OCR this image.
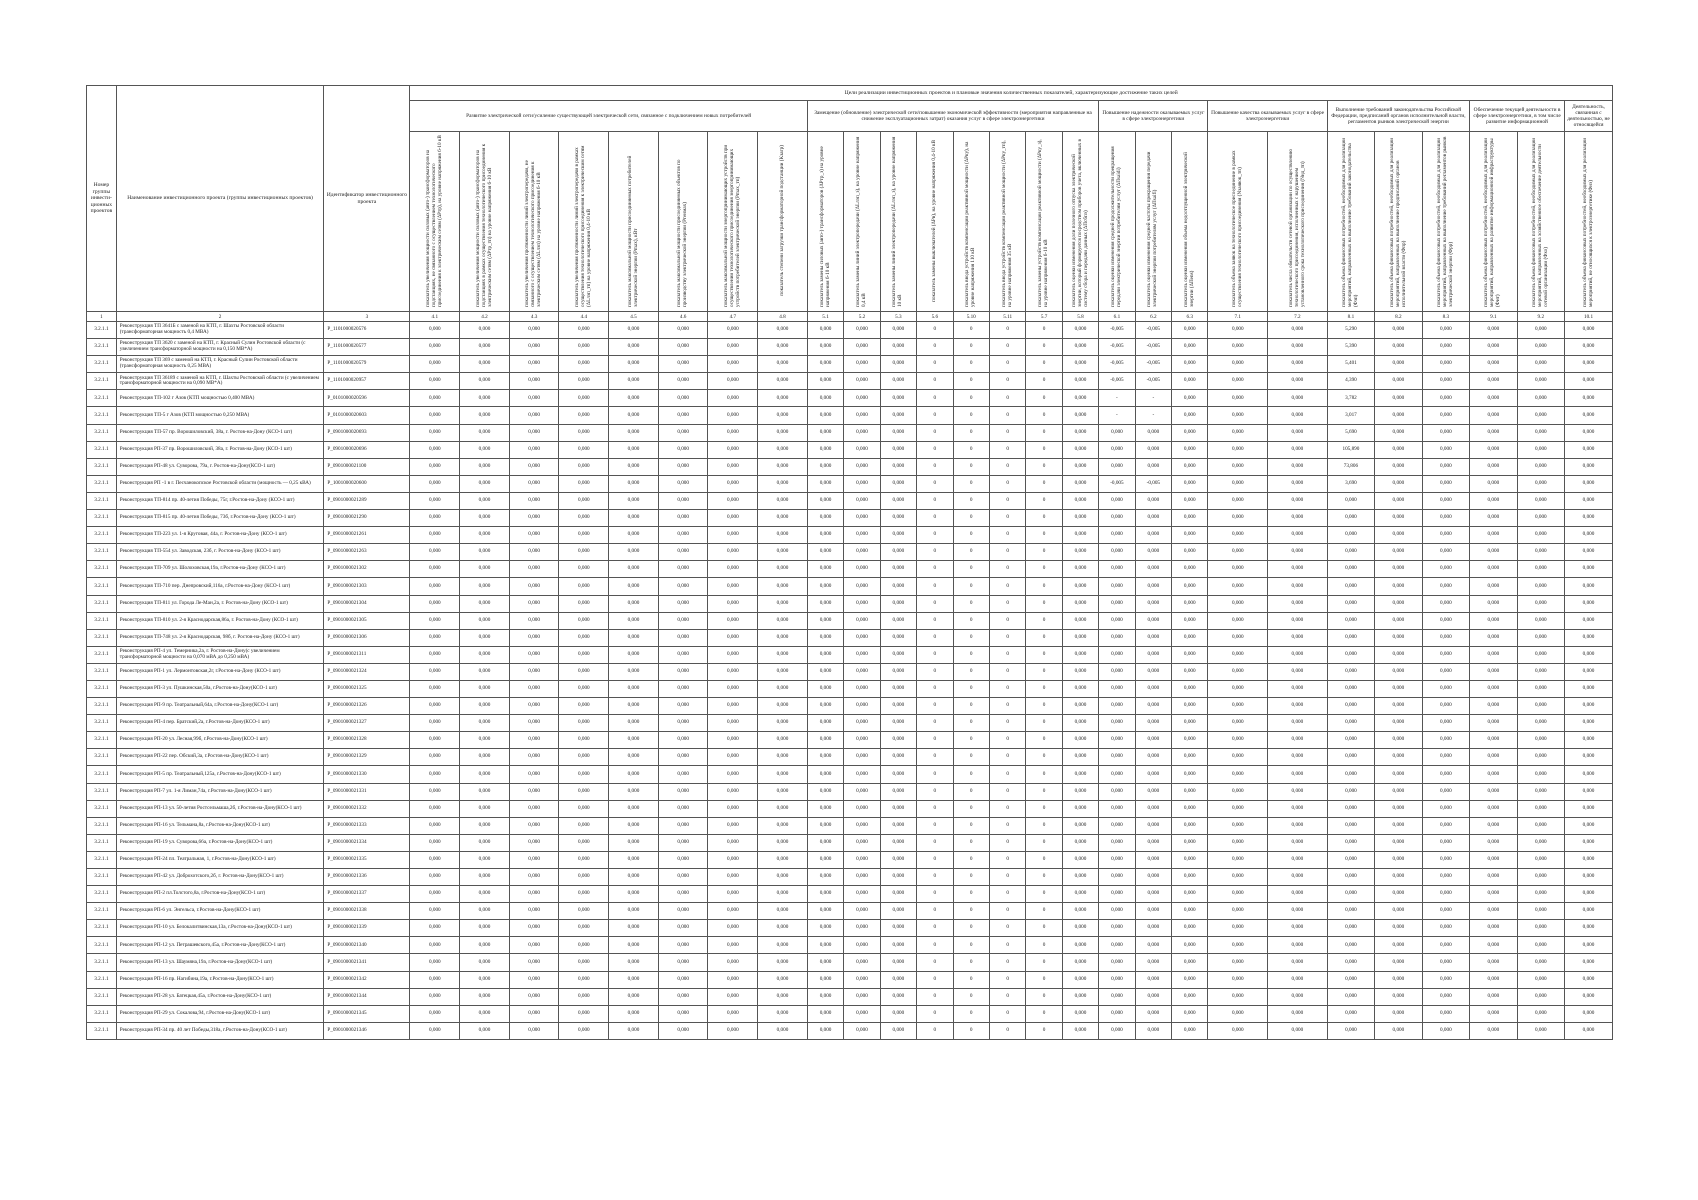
Номер группы инвести-ционных проектов	Наименование инвестиционного проекта (группы инвестиционных проектов)	Идентификатор инвестиционного проекта	Цели реализации инвестиционных проектов и плановые значения количественных показателей, характеризующие достижение таких целей																										
			Развитие электрической сети/усиление существующей электрической сети, связанное с подключением новых потребителей								Замещение (обновление) электрической сети/повышение экономической эффективности (мероприятия направленные на снижение эксплуатационных затрат) оказания услуг в сфере электроэнергетики								Повышение надежности оказываемых услуг в сфере электроэнергетики			Повышение качества оказываемых услуг в сфере электроэнергетики		Выполнение требований законодательства Российской Федерации, предписаний органов исполнительной власти, регламентов рынков электрической энергии			Обеспечение текущей деятельности в сфере электроэнергетики, в том числе развитие информационной		Деятельность, связанная с деятельностью, не относящейся
			показатель увеличения мощности силовых (авто-) трансформаторов на подстанциях, не связанного с осуществлением технологического присоединения к электрическим сетям (ΔPтр), на уровне напряжения 6-10 кВ	показатель увеличения мощности силовых (авто-) трансформаторов на подстанциях в рамках осуществления технологического присоединения к электрическим сетям (ΔPтр_тп) на уровне напряжения 6-10 кВ	показатель увеличения протяженности линий электропередачи, не связанного с осуществлением технологического присоединения к электрическим сетям (ΔLлэп) на уровне напряжения 6-10 кВ	показатель увеличения протяженности линий электропередачи в рамках осуществления технологического присоединения к электрическим сетям (ΔLлэп_тп) на уровне напряжения 0,4-10 кВ	показатель максимальной мощности присоединяемых потребителей электрической энергии (Pmax), кВт	показатель максимальной мощности присоединяемых объектов по производству электрической энергии (Pгенмах)	показатель максимальной мощности энергопринимающих устройств при осуществлении технологического присоединения энергопринимающих устройств потребителей электрической энергии (Pmax_тп)	показатель степени загрузки трансформаторной подстанции (Kзагр)	показатель замены силовых (авто-) трансформаторов (ΔPтр_з) на уровне напряжения 6-10 кВ	показатель замены линий электропередачи (ΔLлэп_з), на уровне напряжения 0,4 кВ	показатель замены линий электропередачи (ΔLлэп_з), на уровне напряжения 10 кВ	показатель замены выключателей (ΔPв), на уровне напряжения 0,4-10 кВ	показатель ввода устройств компенсации реактивной мощности (ΔPку), на уровне напряжения 110 кВ	показатель ввода устройств компенсации реактивной мощности (ΔPку_тп), на уровне напряжения 35 кВ	показатель замены устройств компенсации реактивной мощности (ΔPку_з), на уровне напряжения 6-10 кВ	показатель оценки изменения доли полезного отпуска электрической энергии, который формируется посредством приборов учета, включенных в систему сбора и передачи данных (ΔПсбпэ)	показатель оценки изменения средней продолжительности прекращения передачи электрической энергии потребителям услуг (ΔПsaidi)	показатель оценки изменения средней частоты прекращения передачи электрической энергии потребителям услуг (ΔПsaifi)	показатель оценки изменения объема недоотпущенной электрической энергии (ΔПens)	показатель объема заявок на технологическое присоединение в рамках осуществления технологического присоединения (Nзаявок_тп)	показатель числа обязательств сетевой организации по осуществлению технологического присоединения, исполненных с нарушением установленного срока технологического присоединения (Nнд_тп)	показатель объема финансовых потребностей, необходимых для реализации мероприятий, направленных на выполнение требований законодательства (Фзп)	показатель объема финансовых потребностей, необходимых для реализации мероприятий, направленных на выполнение предписаний органов исполнительной власти (Фпр)	показатель объема финансовых потребностей, необходимых для реализации мероприятий, направленных на выполнение требований регламентов рынков электрической энергии (Фрр)	показатель объема финансовых потребностей, необходимых для реализации мероприятий, направленных на развитие информационной инфраструктуры (Фит)	показатель объема финансовых потребностей, необходимых для реализации мероприятий, направленных на хозяйственное обеспечение деятельности сетевой организации (Фхо)	показатель объема финансовых потребностей, необходимых для реализации мероприятий, не относящихся к электроэнергетике (Фнэ)
1	2	3	4.1	4.2	4.3	4.4	4.5	4.6	4.7	4.8	5.1	5.2	5.3	5.6	5.10	5.11	5.7	5.8	6.1	6.2	6.3	7.1	7.2	8.1	8.2	8.3	9.1	9.2	10.1
3.2.1.1	Реконструкция ТП 3641Б с заменой на КТП, г. Шахты Ростовской области (трансформаторная мощность 0,4 МВА)	P_1101000020576	0,000	0,000	0,000	0,000	0,000	0,000	0,000	0,000	0,000	0,000	0,000	0	0	0	0	0,000	-0,005	-0,005	0,000	0,000	0,000	5,290	0,000	0,000	0,000	0,000	0,000
3.2.1.1	Реконструкция ТП 3620 с заменой на КТП, г. Красный Сулин Ростовской области (с увеличением трансформаторной мощности на 0,150 МВ*А)	P_1101000020577	0,000	0,000	0,000	0,000	0,000	0,000	0,000	0,000	0,000	0,000	0,000	0	0	0	0	0,000	-0,005	-0,005	0,000	0,000	0,000	5,390	0,000	0,000	0,000	0,000	0,000
3.2.1.1	Реконструкция ТП 369 с заменой на КТП, г. Красный Сулин Ростовской области (трансформаторная мощность 0,25 МВА)	P_1101000020579	0,000	0,000	0,000	0,000	0,000	0,000	0,000	0,000	0,000	0,000	0,000	0	0	0	0	0,000	-0,005	-0,005	0,000	0,000	0,000	5,401	0,000	0,000	0,000	0,000	0,000
3.2.1.1	Реконструкция ТП 36189 с заменой на КТП, г. Шахты Ростовской области (с увеличением трансформаторной мощности на 0,090 МВ*А)	P_1101000020957	0,000	0,000	0,000	0,000	0,000	0,000	0,000	0,000	0,000	0,000	0,000	0	0	0	0	0,000	-0,005	-0,005	0,000	0,000	0,000	4,390	0,000	0,000	0,000	0,000	0,000
3.2.1.1	Реконструкция ТП-102 г Азов (КТП мощностью 0,400 МВА)	P_0101000020596	0,000	0,000	0,000	0,000	0,000	0,000	0,000	0,000	0,000	0,000	0,000	0	0	0	0	0,000	-	-	0,000	0,000	0,000	3,782	0,000	0,000	0,000	0,000	0,000
3.2.1.1	Реконструкция ТП-5 г Азов (КТП мощностью 0,250 МВА)	P_0101000020603	0,000	0,000	0,000	0,000	0,000	0,000	0,000	0,000	0,000	0,000	0,000	0	0	0	0	0,000	-	-	0,000	0,000	0,000	3,017	0,000	0,000	0,000	0,000	0,000
3.2.1.1	Реконструкция ТП-57 пр. Ворошиловский, 38а, г. Ростов-на-Дону (КСО-1 шт)	P_0901000020693	0,000	0,000	0,000	0,000	0,000	0,000	0,000	0,000	0,000	0,000	0,000	0	0	0	0	0,000	0,000	0,000	0,000	0,000	0,000	5,690	0,000	0,000	0,000	0,000	0,000
3.2.1.1	Реконструкция РП-37 пр. Ворошиловский, 38а, г. Ростов-на-Дону (КСО-1 шт)	P_0901000020696	0,000	0,000	0,000	0,000	0,000	0,000	0,000	0,000	0,000	0,000	0,000	0	0	0	0	0,000	0,000	0,000	0,000	0,000	0,000	105,890	0,000	0,000	0,000	0,000	0,000
3.2.1.1	Реконструкция РП-48 ул. Суворова, 79а, г. Ростов-на-Дону(КСО-1 шт)	P_0901000021100	0,000	0,000	0,000	0,000	0,000	0,000	0,000	0,000	0,000	0,000	0,000	0	0	0	0	0,000	0,000	0,000	0,000	0,000	0,000	73,806	0,000	0,000	0,000	0,000	0,000
3.2.1.1	Реконструкция РП -1 в г. Песчанокопское Ростовской области (мощность — 0,25 кВА)	P_1001000020600	0,000	0,000	0,000	0,000	0,000	0,000	0,000	0,000	0,000	0,000	0,000	0	0	0	0	0,000	-0,005	-0,005	0,000	0,000	0,000	3,690	0,000	0,000	0,000	0,000	0,000
3.2.1.1	Реконструкция ТП-814 пр. 40-летия Победы, 75г, г.Ростов-на-Дону (КСО-1 шт)	P_0901000021289	0,000	0,000	0,000	0,000	0,000	0,000	0,000	0,000	0,000	0,000	0,000	0	0	0	0	0,000	0,000	0,000	0,000	0,000	0,000	0,000	0,000	0,000	0,000	0,000	0,000
3.2.1.1	Реконструкция ТП-815 пр. 40-летия Победы, 73б, г.Ростов-на-Дону (КСО-1 шт)	P_0901000021290	0,000	0,000	0,000	0,000	0,000	0,000	0,000	0,000	0,000	0,000	0,000	0	0	0	0	0,000	0,000	0,000	0,000	0,000	0,000	0,000	0,000	0,000	0,000	0,000	0,000
3.2.1.1	Реконструкция ТП-223 ул. 1-я Круговая, 44а, г. Ростов-на-Дону (КСО-1 шт)	P_0901000021261	0,000	0,000	0,000	0,000	0,000	0,000	0,000	0,000	0,000	0,000	0,000	0	0	0	0	0,000	0,000	0,000	0,000	0,000	0,000	0,000	0,000	0,000	0,000	0,000	0,000
3.2.1.1	Реконструкция ТП-554 ул. Заводская, 23б, г. Ростов-на-Дону (КСО-1 шт)	P_0901000021263	0,000	0,000	0,000	0,000	0,000	0,000	0,000	0,000	0,000	0,000	0,000	0	0	0	0	0,000	0,000	0,000	0,000	0,000	0,000	0,000	0,000	0,000	0,000	0,000	0,000
3.2.1.1	Реконструкция ТП-709 ул. Шолоховская,19а, г.Ростов-на-Дону (КСО-1 шт)	P_0901000021302	0,000	0,000	0,000	0,000	0,000	0,000	0,000	0,000	0,000	0,000	0,000	0	0	0	0	0,000	0,000	0,000	0,000	0,000	0,000	0,000	0,000	0,000	0,000	0,000	0,000
3.2.1.1	Реконструкция ТП-710 пер. Днепровский,116а, г.Ростов-на-Дону (КСО-1 шт)	P_0901000021303	0,000	0,000	0,000	0,000	0,000	0,000	0,000	0,000	0,000	0,000	0,000	0	0	0	0	0,000	0,000	0,000	0,000	0,000	0,000	0,000	0,000	0,000	0,000	0,000	0,000
3.2.1.1	Реконструкция ТП-811 ул. Города Ле-Ман,2а, г. Ростов-на-Дону (КСО-1 шт)	P_0901000021304	0,000	0,000	0,000	0,000	0,000	0,000	0,000	0,000	0,000	0,000	0,000	0	0	0	0	0,000	0,000	0,000	0,000	0,000	0,000	0,000	0,000	0,000	0,000	0,000	0,000
3.2.1.1	Реконструкция ТП-810 ул. 2-я Краснодарская,86а, г. Ростов-на-Дону (КСО-1 шт)	P_0901000021305	0,000	0,000	0,000	0,000	0,000	0,000	0,000	0,000	0,000	0,000	0,000	0	0	0	0	0,000	0,000	0,000	0,000	0,000	0,000	0,000	0,000	0,000	0,000	0,000	0,000
3.2.1.1	Реконструкция ТП-748 ул. 2-я Краснодарская, 98б, г. Ростов-на-Дону (КСО-1 шт)	P_0901000021306	0,000	0,000	0,000	0,000	0,000	0,000	0,000	0,000	0,000	0,000	0,000	0	0	0	0	0,000	0,000	0,000	0,000	0,000	0,000	0,000	0,000	0,000	0,000	0,000	0,000
3.2.1.1	Реконструкция РП-4 ул. Темерника,2а, г. Ростов-на-Дону(с увеличением трансформаторной мощности на 0,070 мВА до 0,250 мВА)	P_0901000021311	0,000	0,000	0,000	0,000	0,000	0,000	0,000	0,000	0,000	0,000	0,000	0	0	0	0	0,000	0,000	0,000	0,000	0,000	0,000	0,000	0,000	0,000	0,000	0,000	0,000
3.2.1.1	Реконструкция РП-1 ул. Лермонтовская,2г, г.Ростов-на-Дону (КСО-1 шт)	P_0901000021324	0,000	0,000	0,000	0,000	0,000	0,000	0,000	0,000	0,000	0,000	0,000	0	0	0	0	0,000	0,000	0,000	0,000	0,000	0,000	0,000	0,000	0,000	0,000	0,000	0,000
3.2.1.1	Реконструкция РП-3 ул. Пушкинская,50а, г.Ростов-на-Дону(КСО-1 шт)	P_0901000021325	0,000	0,000	0,000	0,000	0,000	0,000	0,000	0,000	0,000	0,000	0,000	0	0	0	0	0,000	0,000	0,000	0,000	0,000	0,000	0,000	0,000	0,000	0,000	0,000	0,000
3.2.1.1	Реконструкция РП-9 пр. Театральный,64а, г.Ростов-на-Дону(КСО-1 шт)	P_0901000021326	0,000	0,000	0,000	0,000	0,000	0,000	0,000	0,000	0,000	0,000	0,000	0	0	0	0	0,000	0,000	0,000	0,000	0,000	0,000	0,000	0,000	0,000	0,000	0,000	0,000
3.2.1.1	Реконструкция РП-4 пер. Братский,2а, г.Ростов-на-Дону(КСО-1 шт)	P_0901000021327	0,000	0,000	0,000	0,000	0,000	0,000	0,000	0,000	0,000	0,000	0,000	0	0	0	0	0,000	0,000	0,000	0,000	0,000	0,000	0,000	0,000	0,000	0,000	0,000	0,000
3.2.1.1	Реконструкция РП-20 ул. Лесная,99б, г.Ростов-на-Дону(КСО-1 шт)	P_0901000021328	0,000	0,000	0,000	0,000	0,000	0,000	0,000	0,000	0,000	0,000	0,000	0	0	0	0	0,000	0,000	0,000	0,000	0,000	0,000	0,000	0,000	0,000	0,000	0,000	0,000
3.2.1.1	Реконструкция РП-22 пер. Обский,3а, г.Ростов-на-Дону(КСО-1 шт)	P_0901000021329	0,000	0,000	0,000	0,000	0,000	0,000	0,000	0,000	0,000	0,000	0,000	0	0	0	0	0,000	0,000	0,000	0,000	0,000	0,000	0,000	0,000	0,000	0,000	0,000	0,000
3.2.1.1	Реконструкция РП-5 пр. Театральный,125а, г.Ростов-на-Дону(КСО-1 шт)	P_0901000021330	0,000	0,000	0,000	0,000	0,000	0,000	0,000	0,000	0,000	0,000	0,000	0	0	0	0	0,000	0,000	0,000	0,000	0,000	0,000	0,000	0,000	0,000	0,000	0,000	0,000
3.2.1.1	Реконструкция РП-7 ул. 1-я Лиман,74а, г.Ростов-на-Дону(КСО-1 шт)	P_0901000021331	0,000	0,000	0,000	0,000	0,000	0,000	0,000	0,000	0,000	0,000	0,000	0	0	0	0	0,000	0,000	0,000	0,000	0,000	0,000	0,000	0,000	0,000	0,000	0,000	0,000
3.2.1.1	Реконструкция РП-13 ул. 50-летия Ростсельмаша,2б, г.Ростов-на-Дону(КСО-1 шт)	P_0901000021332	0,000	0,000	0,000	0,000	0,000	0,000	0,000	0,000	0,000	0,000	0,000	0	0	0	0	0,000	0,000	0,000	0,000	0,000	0,000	0,000	0,000	0,000	0,000	0,000	0,000
3.2.1.1	Реконструкция РП-16 ул. Тельмана,8а, г.Ростов-на-Дону(КСО-1 шт)	P_0901000021333	0,000	0,000	0,000	0,000	0,000	0,000	0,000	0,000	0,000	0,000	0,000	0	0	0	0	0,000	0,000	0,000	0,000	0,000	0,000	0,000	0,000	0,000	0,000	0,000	0,000
3.2.1.1	Реконструкция РП-19 ул. Суворова,66а, г.Ростов-на-Дону(КСО-1 шт)	P_0901000021334	0,000	0,000	0,000	0,000	0,000	0,000	0,000	0,000	0,000	0,000	0,000	0	0	0	0	0,000	0,000	0,000	0,000	0,000	0,000	0,000	0,000	0,000	0,000	0,000	0,000
3.2.1.1	Реконструкция РП-24 пл. Театральная, 1, г.Ростов-на-Дону(КСО-1 шт)	P_0901000021335	0,000	0,000	0,000	0,000	0,000	0,000	0,000	0,000	0,000	0,000	0,000	0	0	0	0	0,000	0,000	0,000	0,000	0,000	0,000	0,000	0,000	0,000	0,000	0,000	0,000
3.2.1.1	Реконструкция РП-42 ул. Доброхотского,2б, г. Ростов-на-Дону(КСО-1 шт)	P_0901000021336	0,000	0,000	0,000	0,000	0,000	0,000	0,000	0,000	0,000	0,000	0,000	0	0	0	0	0,000	0,000	0,000	0,000	0,000	0,000	0,000	0,000	0,000	0,000	0,000	0,000
3.2.1.1	Реконструкция РП-2 пл.Толстого,8а, г.Ростов-на-Дону(КСО-1 шт)	P_0901000021337	0,000	0,000	0,000	0,000	0,000	0,000	0,000	0,000	0,000	0,000	0,000	0	0	0	0	0,000	0,000	0,000	0,000	0,000	0,000	0,000	0,000	0,000	0,000	0,000	0,000
3.2.1.1	Реконструкция РП-6 ул. Энгельса, г.Ростов-на-Дону(КСО-1 шт)	P_0901000021338	0,000	0,000	0,000	0,000	0,000	0,000	0,000	0,000	0,000	0,000	0,000	0	0	0	0	0,000	0,000	0,000	0,000	0,000	0,000	0,000	0,000	0,000	0,000	0,000	0,000
3.2.1.1	Реконструкция РП-10 ул. Белокалитвинская,13а, г.Ростов-на-Дону(КСО-1 шт)	P_0901000021339	0,000	0,000	0,000	0,000	0,000	0,000	0,000	0,000	0,000	0,000	0,000	0	0	0	0	0,000	0,000	0,000	0,000	0,000	0,000	0,000	0,000	0,000	0,000	0,000	0,000
3.2.1.1	Реконструкция РП-12 ул. Петрашевского,45а, г.Ростов-на-Дону(КСО-1 шт)	P_0901000021340	0,000	0,000	0,000	0,000	0,000	0,000	0,000	0,000	0,000	0,000	0,000	0	0	0	0	0,000	0,000	0,000	0,000	0,000	0,000	0,000	0,000	0,000	0,000	0,000	0,000
3.2.1.1	Реконструкция РП-13 ул. Шаумяна,19а, г.Ростов-на-Дону(КСО-1 шт)	P_0901000021341	0,000	0,000	0,000	0,000	0,000	0,000	0,000	0,000	0,000	0,000	0,000	0	0	0	0	0,000	0,000	0,000	0,000	0,000	0,000	0,000	0,000	0,000	0,000	0,000	0,000
3.2.1.1	Реконструкция РП-16 пр. Нагибина,19а, г.Ростов-на-Дону(КСО-1 шт)	P_0901000021342	0,000	0,000	0,000	0,000	0,000	0,000	0,000	0,000	0,000	0,000	0,000	0	0	0	0	0,000	0,000	0,000	0,000	0,000	0,000	0,000	0,000	0,000	0,000	0,000	0,000
3.2.1.1	Реконструкция РП-28 ул. Батецкая,45а, г.Ростов-на-Дону(КСО-1 шт)	P_0901000021344	0,000	0,000	0,000	0,000	0,000	0,000	0,000	0,000	0,000	0,000	0,000	0	0	0	0	0,000	0,000	0,000	0,000	0,000	0,000	0,000	0,000	0,000	0,000	0,000	0,000
3.2.1.1	Реконструкция РП-29 ул. Сокалова,94, г.Ростов-на-Дону(КСО-1 шт)	P_0901000021345	0,000	0,000	0,000	0,000	0,000	0,000	0,000	0,000	0,000	0,000	0,000	0	0	0	0	0,000	0,000	0,000	0,000	0,000	0,000	0,000	0,000	0,000	0,000	0,000	0,000
3.2.1.1	Реконструкция РП-34 пр. 40 лет Победы,318а, г.Ростов-на-Дону(КСО-1 шт)	P_0901000021346	0,000	0,000	0,000	0,000	0,000	0,000	0,000	0,000	0,000	0,000	0,000	0	0	0	0	0,000	0,000	0,000	0,000	0,000	0,000	0,000	0,000	0,000	0,000	0,000	0,000
